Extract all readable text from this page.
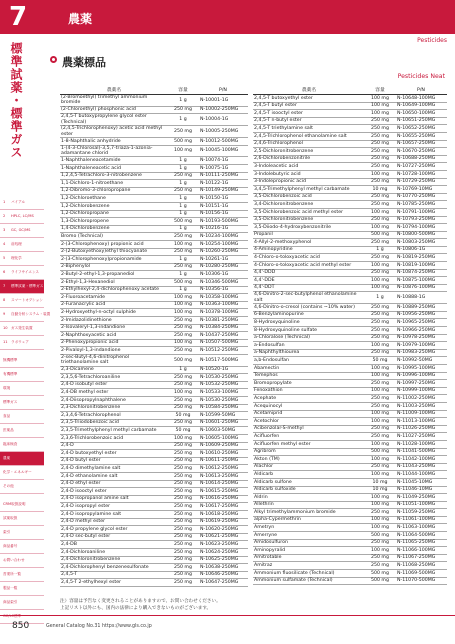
7	農薬
Pesticides
標準試薬・標準ガス
1 バイアル
2 HPLC, LC/MS
3 GC, GC/MS
4 前処理
5 理化学
6 ライフサイエンス
7 標準試薬・標準ガス
8 スマートオプション
9 自動分析システム・装置
10 ガス発生装置
11 ラボウェア
無機標準
有機標準
環境
標準ガス
食品
医薬品
臨床検査
農薬
化学・エネルギー
その他
CRM取扱説明
試薬取扱
索引
商品番号
お問い合わせ
営業所一覧
製品一覧
商品索引
GC/LC標準
農薬標品
Pesticides Neat
農薬名	容量	P/N
(2-Bromoethyl) trimethyl ammonium bromide	1 g	N-10001-1G
(2-Chloroethyl) phosphonic acid	250 mg	N-10002-250MG
2,4,5-T butoxypropylene glycol ester (Technical)	1 g	N-10004-1G
(2,4,5-Trichlorophenoxy) acetic acid methyl ester	250 mg	N-10005-250MG
1-8-Naphthalic anhydride	500 mg	N-10012-500MG
1-(4-3-Chlorosal)-3,5,7-triaza-1-azonia-adamantane chlorid	100 mg	N-10045-100MG
1-Naphthaleneacetamide	1 g	N-10074-1G
1-Naphthaleneacetic acid	1 g	N-10075-1G
1,2,4,5-Tetrachloro-3-nitrobenzene	250 mg	N-10111-250MG
1,1-Dichloro-1-nitroethane	1 g	N-10122-1G
1,2-Dibromo-3-chloropropane	250 mg	N-10149-250MG
1,2-Dichloroethane	1 g	N-10150-1G
1,2-Dichlorobenzene	1 g	N-10151-1G
1,2-Dichloropropane	1 g	N-10156-1G
1,3-Dichloropropene	500 mg	N-10193-500MG
1,4-Dichlorobenzene	1 g	N-10216-1G
Bromo (Technical)	250 mg	N-10234-100MG
2-(3-Chlorophenoxy) propionic acid	100 mg	N-10254-100MG
2-(2-Butoxyethoxy)ethyl thiocyanate	250 mg	N-10260-250MG
2-(3-Chlorophenoxy)propionamide	1 g	N-10261-1G
2-Biphenylol	250 mg	N-10280-250MG
2-Butyl-2-ethyl-1,3-propanediol	1 g	N-10306-1G
2-Ethyl-1,3-Hexanediol	500 mg	N-10346-500MG
2-Ethylhexyl-2,4-dichlorophenoxy acetate	1 g	N-10356-1G
2-Fluoroacetamide	100 mg	N-10358-100MG
2-Furanacrylic acid	100 mg	N-10363-100MG
2-Hydroxyethyl-n-octyl sulphide	100 mg	N-10378-100MG
2-Imidazolidinethione	250 mg	N-10381-250MG
2-Isovaleryl-1,3-indandione	250 mg	N-10384-250MG
2-Naphthoxyacetic acid	250 mg	N-10437-250MG
2-Phenoxypropionic acid	100 mg	N-10507-500MG
2-Pivaloyl-1,3-indandione	250 mg	N-10512-250MG
2-sec-Butyl-4,6-dinitrophenol triethanolamine salt	500 mg	N-10517-500MG
2,3-Dicamene	1 g	N-10520-1G
2,3,5,6-Tetrachloroaniline	250 mg	N-10530-250MG
2,4-D isobutyl ester	250 mg	N-10532-250MG
2,4-DB methyl ester	100 mg	N-10533-100MG
2,4-Diisopropylnaphthalene	250 mg	N-10530-250MG
2,3-Dichloronitrobenzene	250 mg	N-10584-250MG
2,3,4,6-Tetrachlorophenol	50 mg	N-10599-50MG
2,3,5-Triiodobenzoic acid	250 mg	N-10601-250MG
2,3,5-Trimethylphenyl methyl carbamate	50 mg	N-10603-50MG
2,3,6-Trichlorobenzoic acid	100 mg	N-10605-100MG
2,4-D	250 mg	N-10609-250MG
2,4-D butoxyethyl ester	250 mg	N-10610-250MG
2,4-D butyl ester	250 mg	N-10611-250MG
2,4-D dimethylamine salt	250 mg	N-10612-250MG
2,4-D ethanolamine salt	250 mg	N-10613-250MG
2,4-D ethyl ester	250 mg	N-10614-250MG
2,4-D isooctyl ester	250 mg	N-10615-250MG
2,4-D isopropanol amine salt	250 mg	N-10616-250MG
2,4-D isopropyl ester	250 mg	N-10617-250MG
2,4-D isopropylamine salt	250 mg	N-10618-250MG
2,4-D methyl ester	250 mg	N-10619-250MG
2,4-D propylene glycol ester	250 mg	N-10620-250MG
2,4-D sec-butyl ester	250 mg	N-10621-250MG
2,4-DB	250 mg	N-10623-250MG
2,4-Dichloroaniline	250 mg	N-10624-250MG
2,4-Dichloronitrobenzene	250 mg	N-10625-250MG
2,4-Dichlorophenyl benzenesulfonate	250 mg	N-10638-250MG
2,4,5-T	250 mg	N-10646-250MG
2,4,5-T 2-ethylhexyl ester	250 mg	N-10647-250MG
農薬名	容量	P/N
2,4,5-T butoxyethyl ester	100 mg	N-10648-100MG
2,4,5-T butyl ester	100 mg	N-10649-100MG
2,4,5-T isooctyl ester	100 mg	N-10650-100MG
2,4,5-T n-butyl ester	250 mg	N-10651-250MG
2,4,5-T triethylamine salt	250 mg	N-10652-250MG
2,4,5-Trichlorophenol ethanolamine salt	250 mg	N-10655-250MG
2,4,6-Trichlorophenol	250 mg	N-10657-250MG
2,5-Dichloronitrobenzene	250 mg	N-10670-250MG
2,6-Dichlorobenzonitrile	250 mg	N-10688-250MG
3-Indoleacetic acid	250 mg	N-10727-250MG
3-Indolebutyric acid	100 mg	N-10728-100MG
3-Indolepropionic acid	250 mg	N-10729-250MG
3,4,5-Trimethylphenyl methyl carbamate	10 mg	N-10769-10MG
3,5-Dichlorobenzoic acid	250 mg	N-10770-250MG
3,4-Dichloronitrobenzene	250 mg	N-10785-250MG
3,5-Dichlorobenzoic acid methyl ester	100 mg	N-10791-100MG
3,5-Dichloronitrobenzene	250 mg	N-10793-250MG
3,5-Diiodo-4-hydroxybenzonitrile	100 mg	N-10794-100MG
Propanil	500 mg	N-10800-500MG
4-Allyl-2-methoxyphenol	250 mg	N-10803-250MG
4-Aminopyridine	1 g	N-10806-1G
4-Chloro-o-toloxyacetic acid	250 mg	N-10819-250MG
4-Chloro-o-toloxyacetic acid methyl ester	100 mg	N-10819-100MG
4,4'-DDD	250 mg	N-10874-250MG
4,4'-DDE	100 mg	N-10875-100MG
4,4'-DDT	100 mg	N-10876-100MG
4,6-Dinitro-2-sec-butylphenol ethanolamine salt	1 g	N-10888-1G
4,6-Dinitro-o-cresol (contains ~10% water)	250 mg	N-10889-250MG
6-Benzylaminopurine	250 mg	N-10956-250MG
8-Hydroxyquinoline	250 mg	N-10965-250MG
8-Hydroxyquinoline sulfate	250 mg	N-10966-250MG
a-Chloralose (Technical)	250 mg	N-10978-250MG
a-Endosulfan	100 mg	N-10979-100MG
a-Naphthylthiourea	250 mg	N-10983-250MG
a,b-Endosulfan	50 mg	N-10992-50MG
Abamectin	100 mg	N-10995-100MG
Temephos	100 mg	N-10996-100MG
Bromopropylate	250 mg	N-10997-250MG
Fenoxathion	100 mg	N-10999-100MG
Acephate	250 mg	N-11002-250MG
Acequinocyl	250 mg	N-11003-250MG
Acetamiprid	100 mg	N-11009-100MG
Acetochlor	100 mg	N-11013-100MG
Acibenzolar-S-methyl	250 mg	N-11026-250MG
Acifluorfen	250 mg	N-11027-250MG
Acifluorfen methyl ester	100 mg	N-11028-100MG
Agribrom	500 mg	N-11041-500MG
Akton (TM)	100 mg	N-11042-100MG
Alachlor	250 mg	N-11043-250MG
Aldicarb	100 mg	N-11044-100MG
Aldicarb sulfone	10 mg	N-11045-10MG
Aldicarb sulfoxide	10 mg	N-11046-10MG
Aldrin	100 mg	N-11049-250MG
Allethrin	100 mg	N-11051-100MG
Alkyl trimethylammonium bromide	250 mg	N-11059-250MG
alpha-Cypermethrin	100 mg	N-11061-100MG
Ametryn	100 mg	N-11063-100MG
Amerryne	500 mg	N-11064-500MG
Amidosulfuron	250 mg	N-11065-250MG
Aminopyralid	100 mg	N-11066-100MG
Amitrotable	250 mg	N-11067-250MG
Amitraz	250 mg	N-11068-250MG
Ammonium fluosilicate (Technical)	500 mg	N-11069-500MG
Ammonium sulfamate (Technical)	500 mg	N-11070-500MG
注）容量は予告なく変更されることがありますので、お問い合わせください。
上記リスト以外にも、国内の法律により購入できないものがございます。
850	General Catalog No.31 https://www.gls.co.jp
